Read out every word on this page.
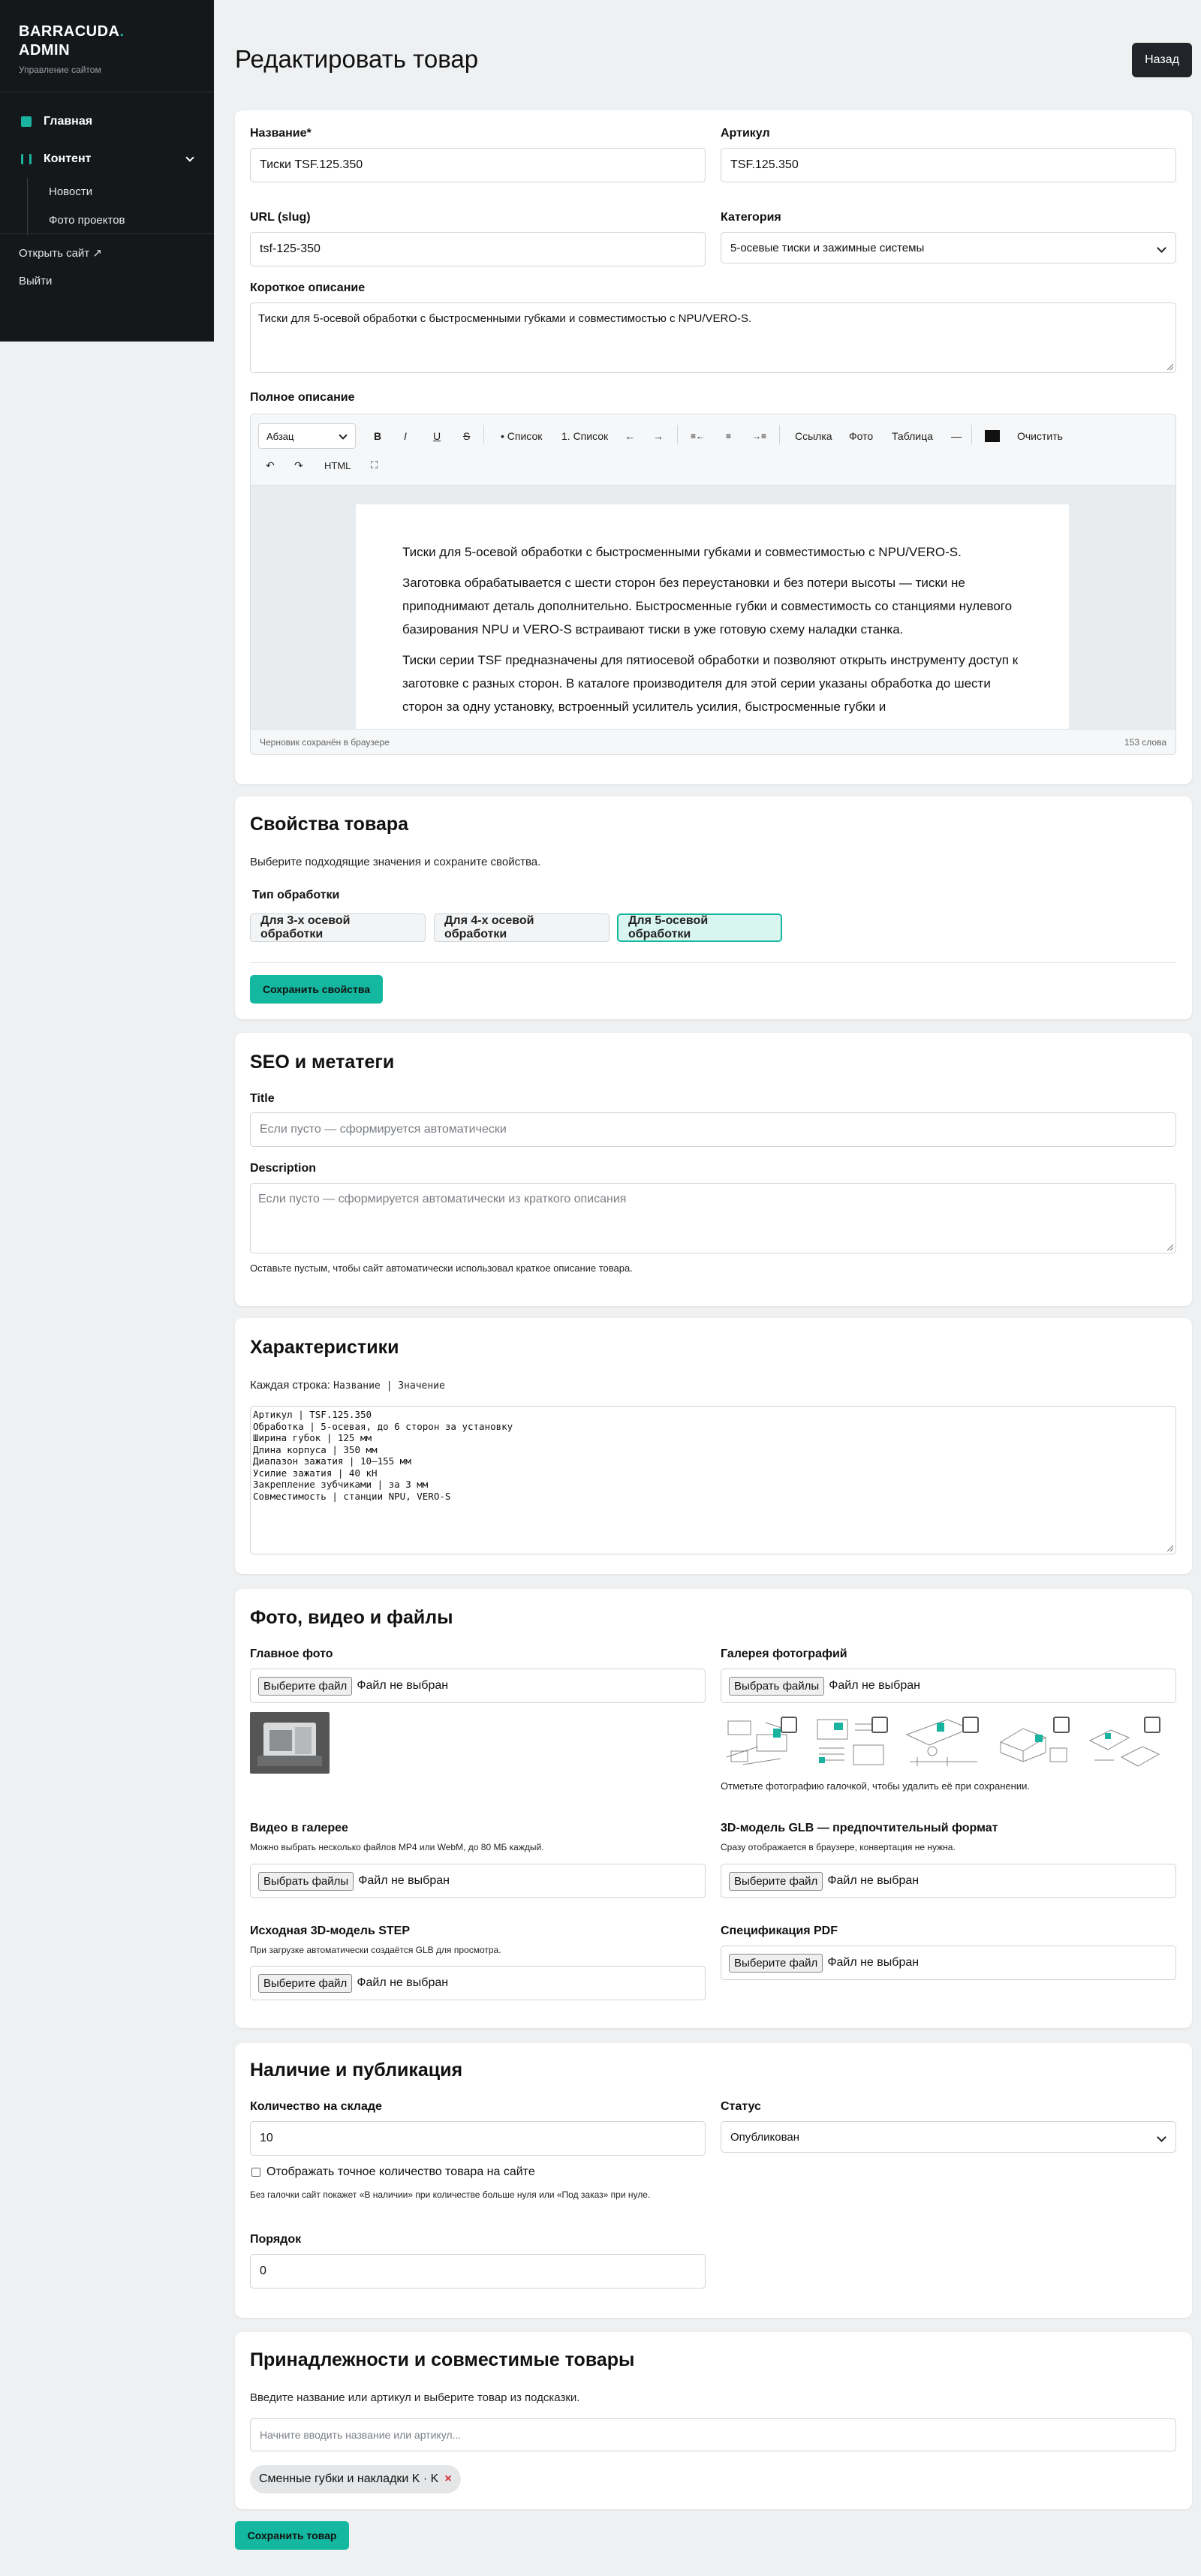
BARRACUDA.
ADMIN
Управление сайтом
Главная
Контент
Новости
Фото проектов
Открыть сайт ↗
Выйти
Редактировать товар	Назад
Название*
Тиски TSF.125.350
Артикул
TSF.125.350
URL (slug)
tsf-125-350
Категория
5-осевые тиски и зажимные системы
Короткое описание
Тиски для 5-осевой обработки с быстросменными губками и совместимостью с NPU/VERO-S.
Полное описание
Абзац	B I	U S	• Список 1. Список ← →	≡← ≡ →≡	Ссылка Фото Таблица —	Очистить
↶ ↷ HTML ⛶

Тиски для 5-осевой обработки с быстросменными губками и совместимостью с NPU/VERO-S.

Заготовка обрабатывается с шести сторон без переустановки и без потери высоты — тиски не приподнимают деталь дополнительно. Быстросменные губки и совместимость со станциями нулевого базирования NPU и VERO-S встраивают тиски в уже готовую схему наладки станка.

Тиски серии TSF предназначены для пятиосевой обработки и позволяют открыть инструменту доступ к заготовке с разных сторон. В каталоге производителя для этой серии указаны обработка до шести сторон за одну установку, встроенный усилитель усилия, быстросменные губки и

Черновик сохранён в браузере	153 слова
Свойства товара
Выберите подходящие значения и сохраните свойства.
Тип обработки
Для 3-х осевой обработки
Для 4-х осевой обработки
Для 5-осевой обработки
Сохранить свойства
SEO и метатеги
Title
Если пусто — сформируется автоматически
Description
Если пусто — сформируется автоматически из краткого описания
Оставьте пустым, чтобы сайт автоматически использовал краткое описание товара.
Характеристики
Каждая строка: Название | Значение
Артикул | TSF.125.350
Обработка | 5-осевая, до 6 сторон за установку
Ширина губок | 125 мм
Длина корпуса | 350 мм
Диапазон зажатия | 10–155 мм
Усилие зажатия | 40 кН
Закрепление зубчиками | за 3 мм
Совместимость | станции NPU, VERO-S
Фото, видео и файлы
Главное фото
Выберите файл Файл не выбран
Галерея фотографий
Выбрать файлы Файл не выбран
Отметьте фотографию галочкой, чтобы удалить её при сохранении.
Видео в галерее
Можно выбрать несколько файлов MP4 или WebM, до 80 МБ каждый.
Выбрать файлы Файл не выбран
3D-модель GLB — предпочтительный формат
Сразу отображается в браузере, конвертация не нужна.
Выберите файл Файл не выбран
Исходная 3D-модель STEP
При загрузке автоматически создаётся GLB для просмотра.
Выберите файл Файл не выбран
Спецификация PDF
Выберите файл Файл не выбран
Наличие и публикация
Количество на складе
10
Статус
Опубликован
Отображать точное количество товара на сайте
Без галочки сайт покажет «В наличии» при количестве больше нуля или «Под заказ» при нуле.
Порядок
0
Принадлежности и совместимые товары
Введите название или артикул и выберите товар из подсказки.
Начните вводить название или артикул...
Сменные губки и накладки K · K ×
Сохранить товар
